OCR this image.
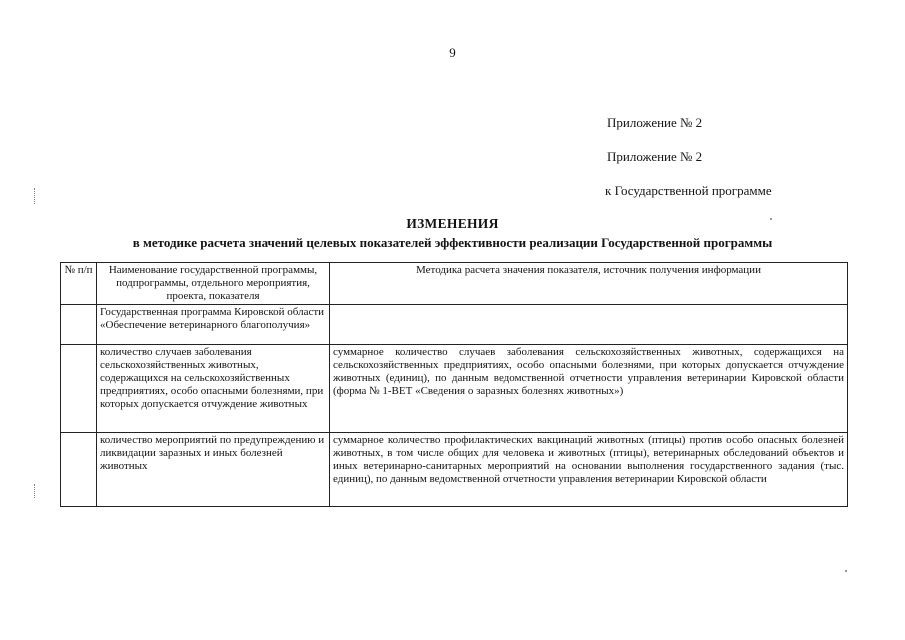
9
Приложение № 2
Приложение № 2
к Государственной программе
ИЗМЕНЕНИЯ
в методике расчета значений целевых показателей эффективности реализации Государственной программы
№ п/п	Наименование государственной программы, подпрограммы, отдельного мероприятия, проекта, показателя	Методика расчета значения показателя, источник получения информации
	Государственная программа Кировской области «Обеспечение ветеринарного благополучия»	
	количество случаев заболевания сельскохозяйственных животных, содержащихся на сельскохозяйственных предприятиях, особо опасными болезнями, при которых допускается отчуждение животных	суммарное количество случаев заболевания сельскохозяйственных животных, содержащихся на сельскохозяйственных предприятиях, особо опасными болезнями, при которых допускается отчуждение животных (единиц), по данным ведомственной отчетности управления ветеринарии Кировской области (форма № 1-ВЕТ «Сведения о заразных болезнях животных»)
	количество мероприятий по предупреждению и ликвидации заразных и иных болезней животных	суммарное количество профилактических вакцинаций животных (птицы) против особо опасных болезней животных, в том числе общих для человека и животных (птицы), ветеринарных обследований объектов и иных ветеринарно-санитарных мероприятий на основании выполнения государственного задания (тыс. единиц), по данным ведомственной отчетности управления ветеринарии Кировской области
